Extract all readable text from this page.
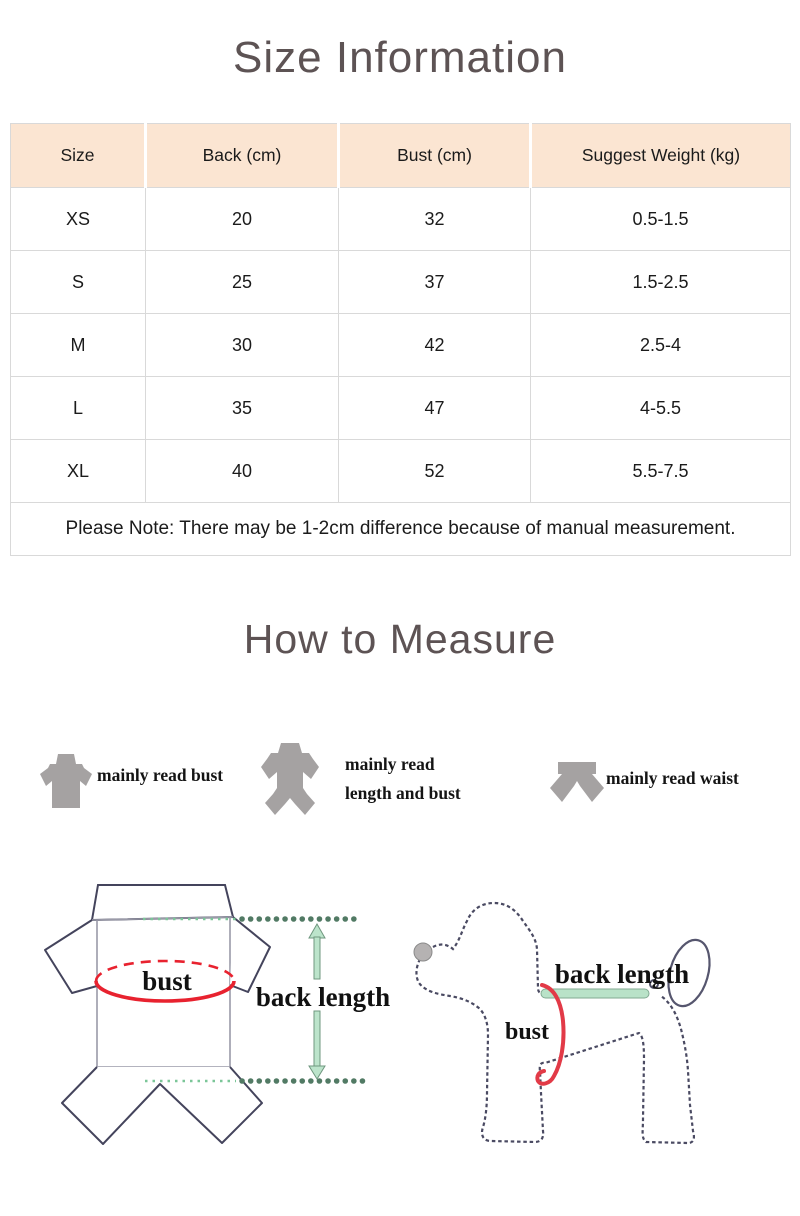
Size Information
Size	Back (cm)	Bust (cm)	Suggest Weight (kg)
XS	20	32	0.5-1.5
S	25	37	1.5-2.5
M	30	42	2.5-4
L	35	47	4-5.5
XL	40	52	5.5-7.5
Please Note: There may be 1-2cm difference because of manual measurement.			
How to Measure
mainly read bust
mainly read
length and bust
mainly read waist
bust
back length
back length
bust
